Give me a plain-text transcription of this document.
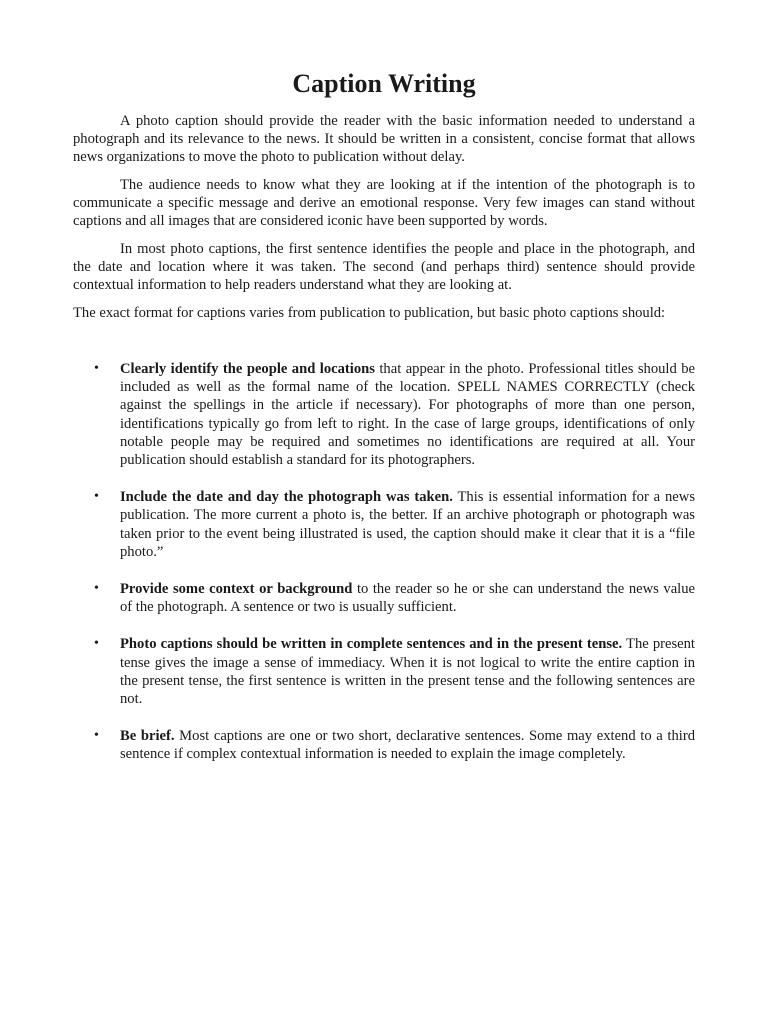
Caption Writing

A photo caption should provide the reader with the basic information needed to understand a photograph and its relevance to the news. It should be written in a consistent, concise format that allows news organizations to move the photo to publication without delay.

The audience needs to know what they are looking at if the intention of the photograph is to communicate a specific message and derive an emotional response. Very few images can stand without captions and all images that are considered iconic have been supported by words.

In most photo captions, the first sentence identifies the people and place in the photograph, and the date and location where it was taken. The second (and perhaps third) sentence should provide contextual information to help readers understand what they are looking at.

The exact format for captions varies from publication to publication, but basic photo captions should:

• Clearly identify the people and locations that appear in the photo. Professional titles should be included as well as the formal name of the location. SPELL NAMES CORRECTLY (check against the spellings in the article if necessary). For photographs of more than one person, identifications typically go from left to right. In the case of large groups, identifications of only notable people may be required and sometimes no identifications are required at all. Your publication should establish a standard for its photographers.
• Include the date and day the photograph was taken. This is essential information for a news publication. The more current a photo is, the better. If an archive photograph or photograph was taken prior to the event being illustrated is used, the caption should make it clear that it is a “file photo.”
• Provide some context or background to the reader so he or she can understand the news value of the photograph. A sentence or two is usually sufficient.
• Photo captions should be written in complete sentences and in the present tense. The present tense gives the image a sense of immediacy. When it is not logical to write the entire caption in the present tense, the first sentence is written in the present tense and the following sentences are not.
• Be brief. Most captions are one or two short, declarative sentences. Some may extend to a third sentence if complex contextual information is needed to explain the image completely.
